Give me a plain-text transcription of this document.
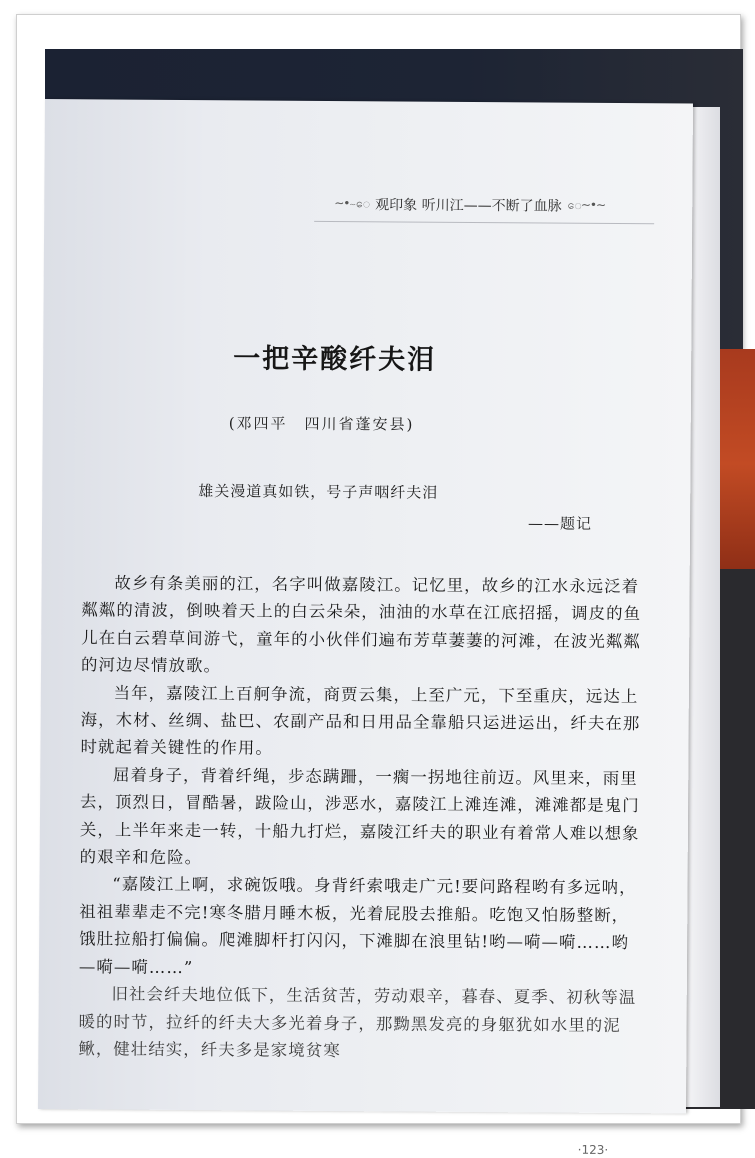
~•~ေ 观印象 听川江——不断了血脉 ေ~•~
一把辛酸纤夫泪
(邓四平　四川省蓬安县)
雄关漫道真如铁，号子声咽纤夫泪
——题记

故乡有条美丽的江，名字叫做嘉陵江。记忆里，故乡的江水永远泛着粼粼的清波，倒映着天上的白云朵朵，油油的水草在江底招摇，调皮的鱼儿在白云碧草间游弋，童年的小伙伴们遍布芳草萋萋的河滩，在波光粼粼的河边尽情放歌。

当年，嘉陵江上百舸争流，商贾云集，上至广元，下至重庆，远达上海，木材、丝绸、盐巴、农副产品和日用品全靠船只运进运出，纤夫在那时就起着关键性的作用。

屈着身子，背着纤绳，步态蹒跚，一瘸一拐地往前迈。风里来，雨里去，顶烈日，冒酷暑，跋险山，涉恶水，嘉陵江上滩连滩，滩滩都是鬼门关，上半年来走一转，十船九打烂，嘉陵江纤夫的职业有着常人难以想象的艰辛和危险。

“嘉陵江上啊，求碗饭哦。身背纤索哦走广元!要问路程哟有多远呐，祖祖辈辈走不完!寒冬腊月睡木板，光着屁股去推船。吃饱又怕肠整断，饿肚拉船打偏偏。爬滩脚杆打闪闪，下滩脚在浪里钻!哟—嗬—嗬……哟—嗬—嗬……”

旧社会纤夫地位低下，生活贫苦，劳动艰辛，暮春、夏季、初秋等温暖的时节，拉纤的纤夫大多光着身子，那黝黑发亮的身躯犹如水里的泥鳅，健壮结实，纤夫多是家境贫寒

·123·
